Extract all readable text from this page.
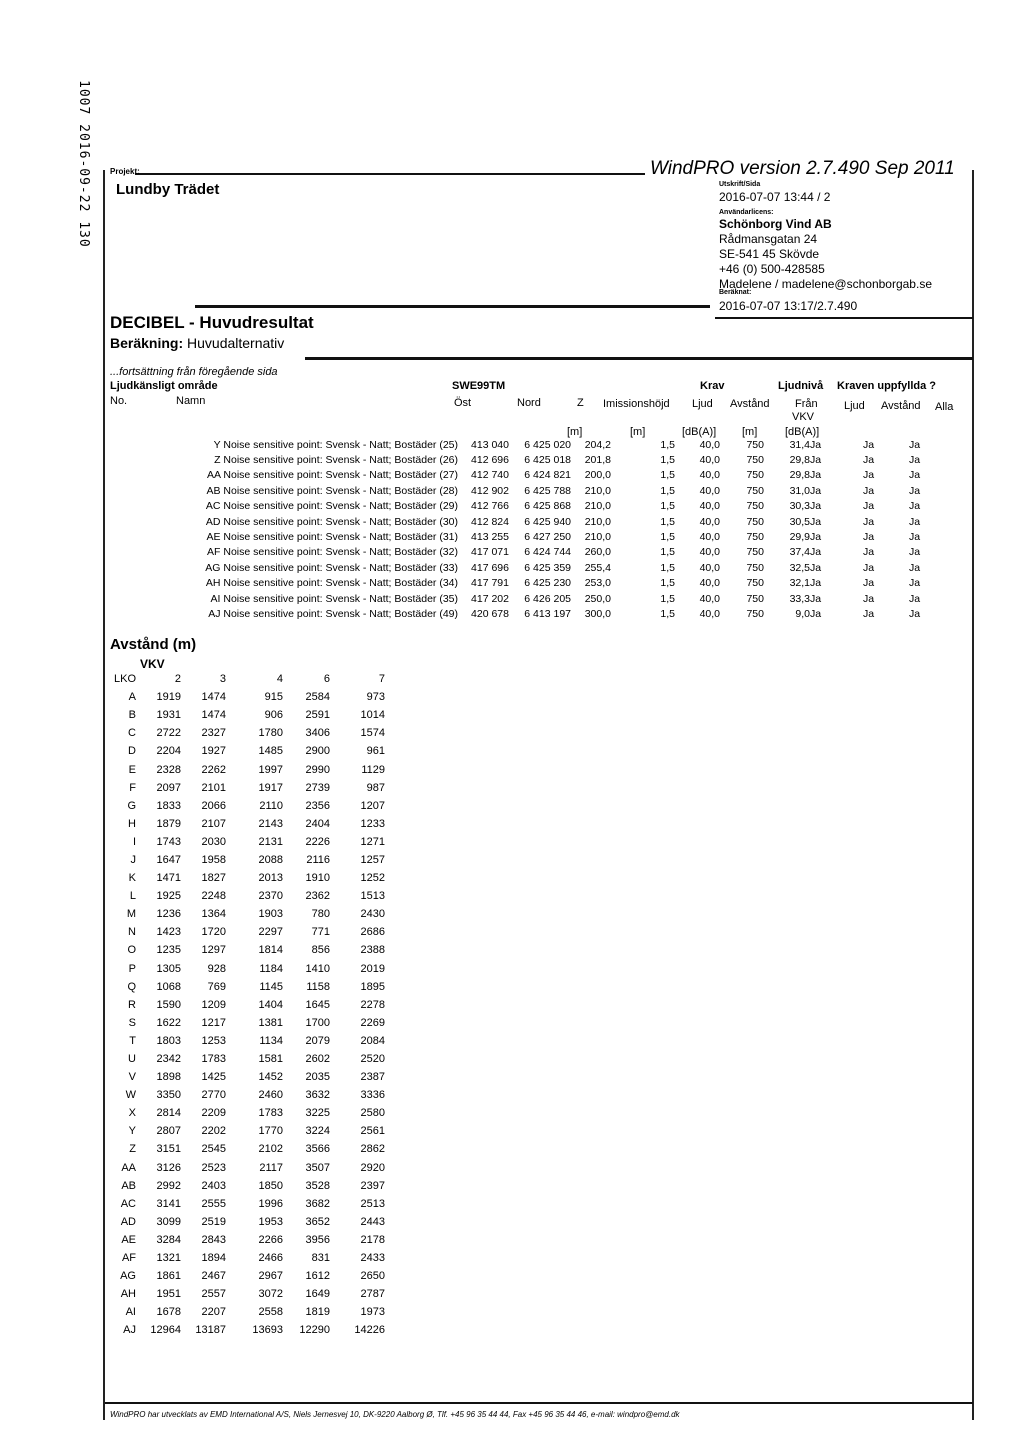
1007 2016-09-22 130 Projekt:
Lundby Trädet
WindPRO version 2.7.490 Sep 2011
Utskrift/Sida
2016-07-07 13:44 / 2
Användarlicens:
Schönborg Vind AB
Rådmansgatan 24
SE-541 45 Skövde
+46 (0) 500-428585
Madelene / madelene@schonborgab.se
Beräknat:
2016-07-07 13:17/2.7.490
DECIBEL - Huvudresultat
Beräkning: Huvudalternativ
...fortsättning från föregående sida
Ljudkänsligt område	SWE99TM	Krav	Ljudnivå Kraven uppfyllda ?
No.	Namn	Öst	Nord	Z Imissionshöjd Ljud Avstånd Från Ljud Avstånd Alla
VKV
[m]	[m]	[dB(A)] [m]	[dB(A)]
Y Noise sensitive point: Svensk - Natt; Bostäder (25)	413 040	6 425 020	204,2	1,5	40,0	750	31,4	Ja	Ja	Ja
Z Noise sensitive point: Svensk - Natt; Bostäder (26)	412 696	6 425 018	201,8	1,5	40,0	750	29,8	Ja	Ja	Ja
AA Noise sensitive point: Svensk - Natt; Bostäder (27)	412 740	6 424 821	200,0	1,5	40,0	750	29,8	Ja	Ja	Ja
AB Noise sensitive point: Svensk - Natt; Bostäder (28)	412 902	6 425 788	210,0	1,5	40,0	750	31,0	Ja	Ja	Ja
AC Noise sensitive point: Svensk - Natt; Bostäder (29)	412 766	6 425 868	210,0	1,5	40,0	750	30,3	Ja	Ja	Ja
AD Noise sensitive point: Svensk - Natt; Bostäder (30)	412 824	6 425 940	210,0	1,5	40,0	750	30,5	Ja	Ja	Ja
AE Noise sensitive point: Svensk - Natt; Bostäder (31)	413 255	6 427 250	210,0	1,5	40,0	750	29,9	Ja	Ja	Ja
AF Noise sensitive point: Svensk - Natt; Bostäder (32)	417 071	6 424 744	260,0	1,5	40,0	750	37,4	Ja	Ja	Ja
AG Noise sensitive point: Svensk - Natt; Bostäder (33)	417 696	6 425 359	255,4	1,5	40,0	750	32,5	Ja	Ja	Ja
AH Noise sensitive point: Svensk - Natt; Bostäder (34)	417 791	6 425 230	253,0	1,5	40,0	750	32,1	Ja	Ja	Ja
AI Noise sensitive point: Svensk - Natt; Bostäder (35)	417 202	6 426 205	250,0	1,5	40,0	750	33,3	Ja	Ja	Ja
AJ Noise sensitive point: Svensk - Natt; Bostäder (49)	420 678	6 413 197	300,0	1,5	40,0	750	9,0	Ja	Ja	Ja
Avstånd (m)
VKV
LKO	2	3	4	6	7
A	1919	1474	915	2584	973
B	1931	1474	906	2591	1014
C	2722	2327	1780	3406	1574
D	2204	1927	1485	2900	961
E	2328	2262	1997	2990	1129
F	2097	2101	1917	2739	987
G	1833	2066	2110	2356	1207
H	1879	2107	2143	2404	1233
I	1743	2030	2131	2226	1271
J	1647	1958	2088	2116	1257
K	1471	1827	2013	1910	1252
L	1925	2248	2370	2362	1513
M	1236	1364	1903	780	2430
N	1423	1720	2297	771	2686
O	1235	1297	1814	856	2388
P	1305	928	1184	1410	2019
Q	1068	769	1145	1158	1895
R	1590	1209	1404	1645	2278
S	1622	1217	1381	1700	2269
T	1803	1253	1134	2079	2084
U	2342	1783	1581	2602	2520
V	1898	1425	1452	2035	2387
W	3350	2770	2460	3632	3336
X	2814	2209	1783	3225	2580
Y	2807	2202	1770	3224	2561
Z	3151	2545	2102	3566	2862
AA	3126	2523	2117	3507	2920
AB	2992	2403	1850	3528	2397
AC	3141	2555	1996	3682	2513
AD	3099	2519	1953	3652	2443
AE	3284	2843	2266	3956	2178
AF	1321	1894	2466	831	2433
AG	1861	2467	2967	1612	2650
AH	1951	2557	3072	1649	2787
AI	1678	2207	2558	1819	1973
AJ	12964	13187	13693	12290	14226
WindPRO har utvecklats av EMD International A/S, Niels Jernesvej 10, DK-9220 Aalborg Ø, Tlf. +45 96 35 44 44, Fax +45 96 35 44 46, e-mail: windpro@emd.dk
